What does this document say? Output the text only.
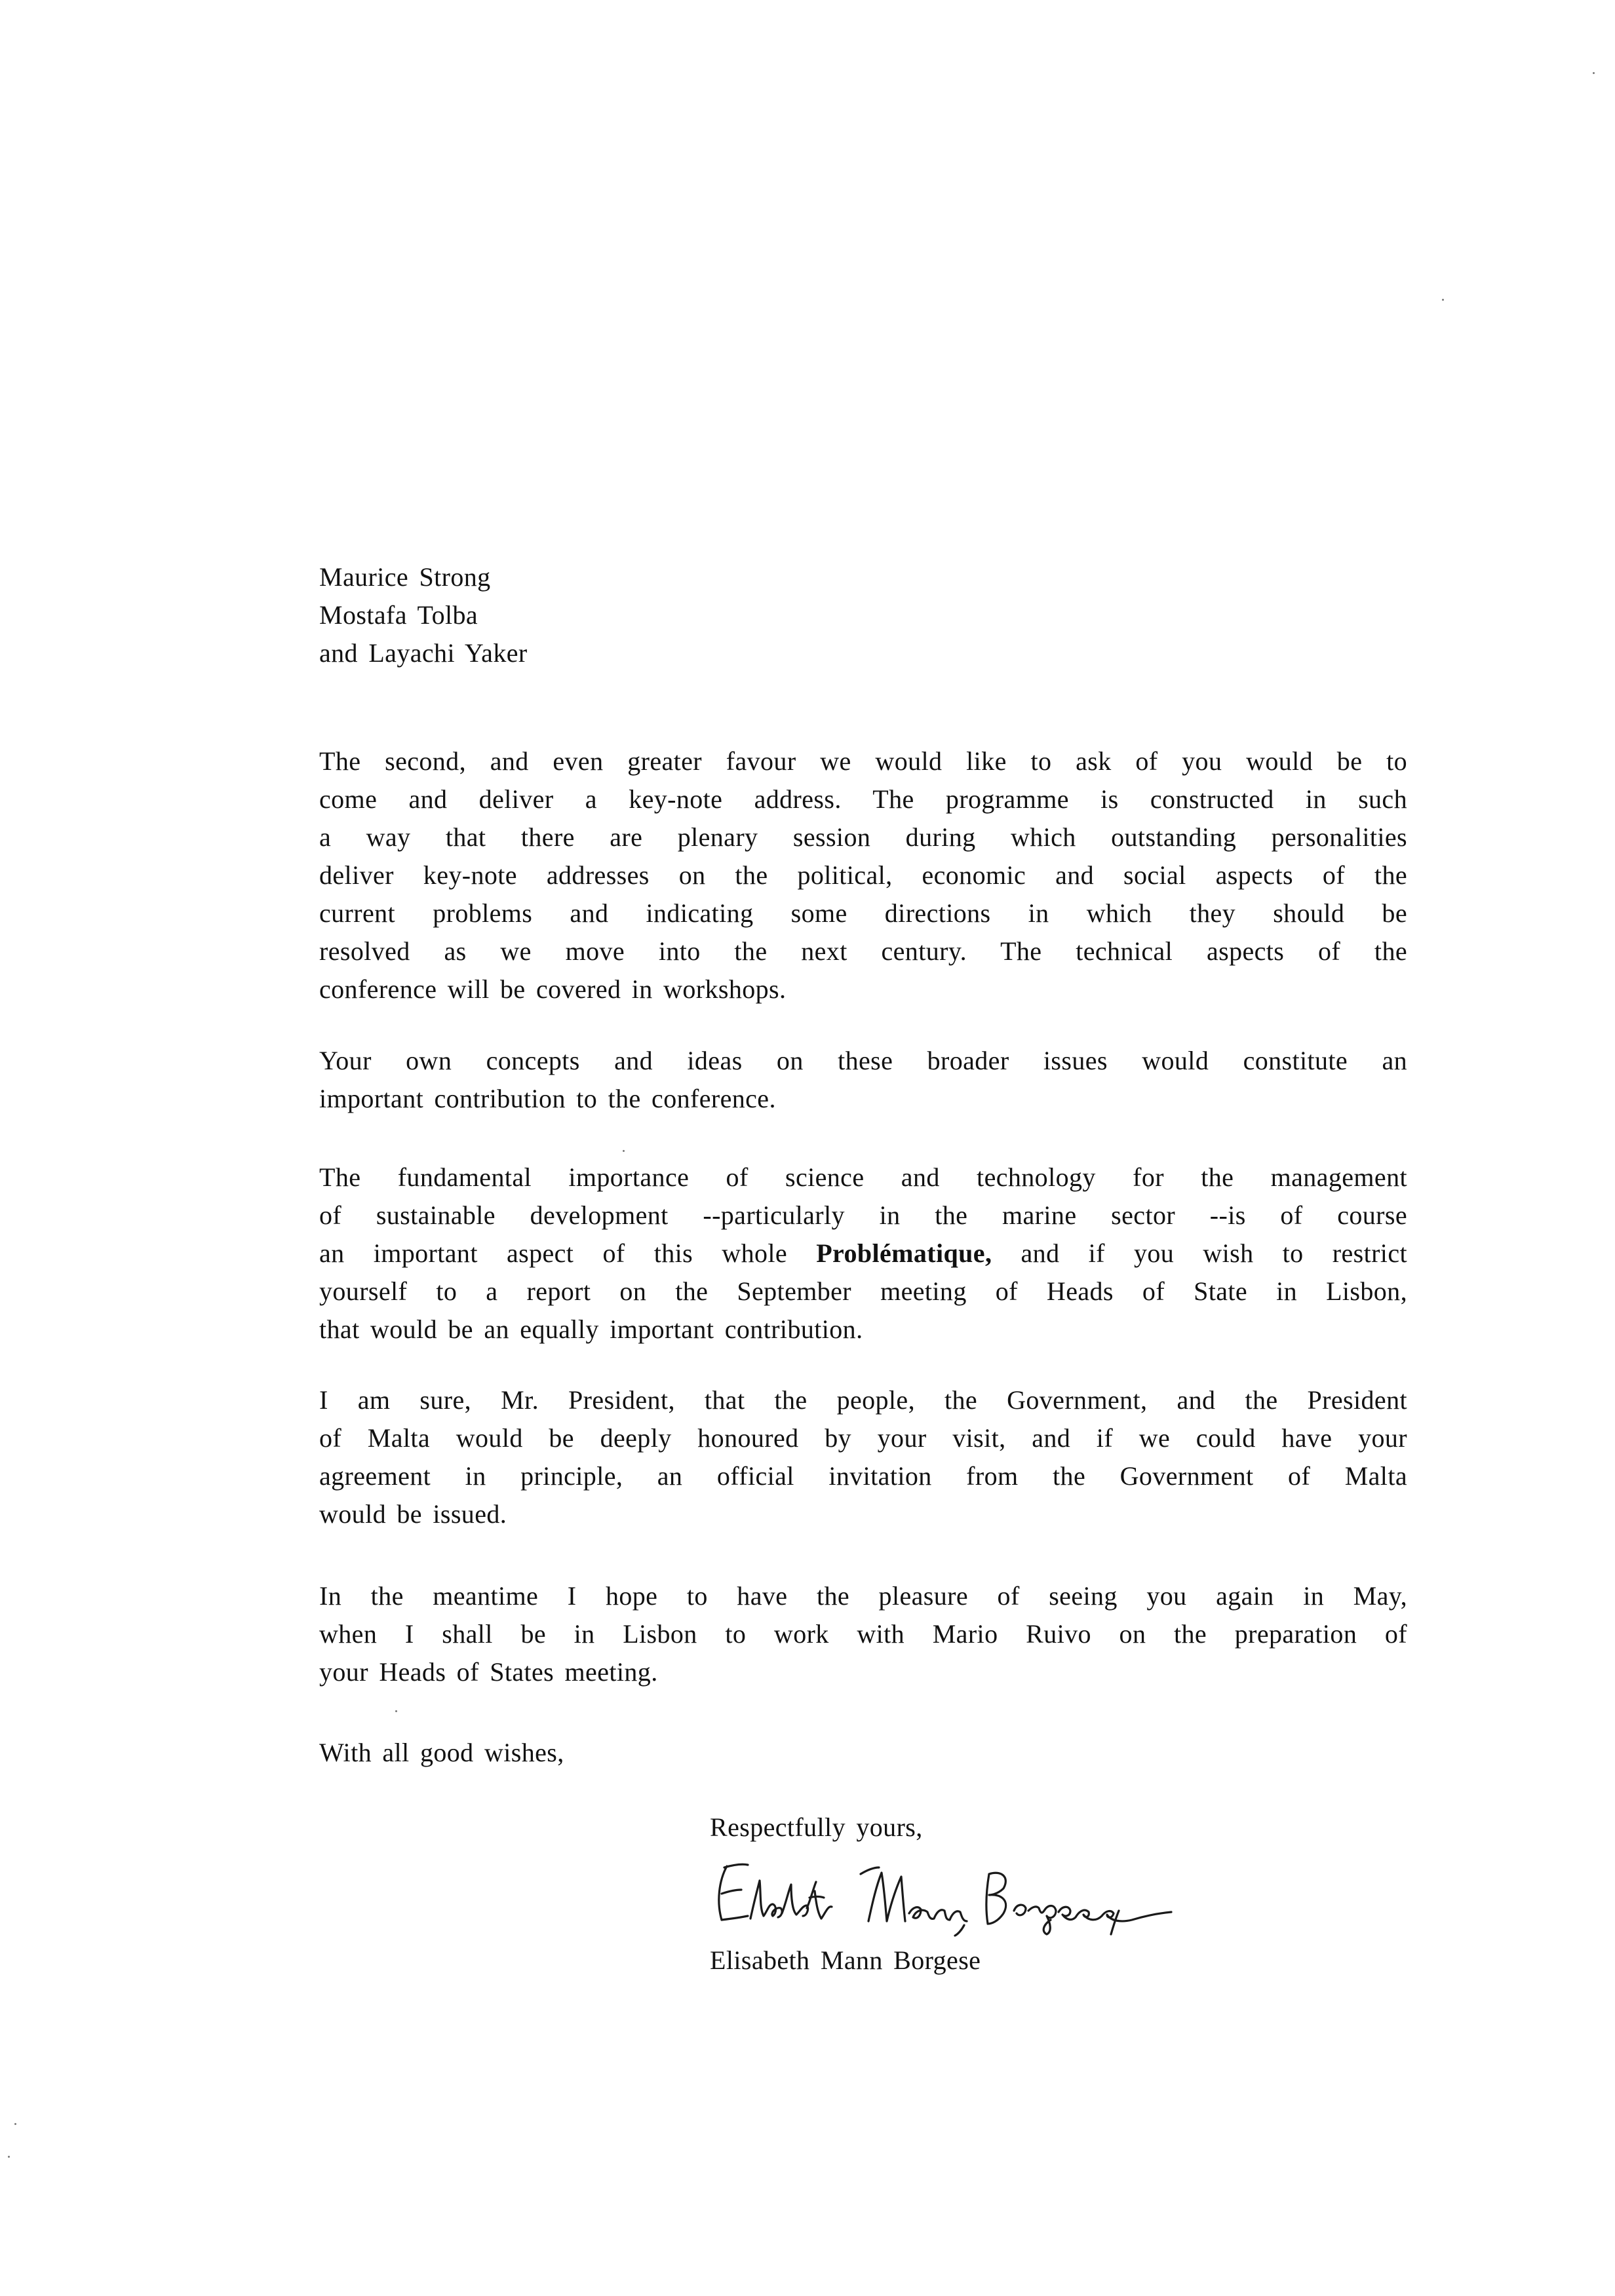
Maurice Strong
Mostafa Tolba
and Layachi Yaker
The second, and even greater favour we would like to ask of you would be to
come and deliver a key-note address. The programme is constructed in such
a way that there are plenary session during which outstanding personalities
deliver key-note addresses on the political, economic and social aspects of the
current problems and indicating some directions in which they should be
resolved as we move into the next century. The technical aspects of the
conference will be covered in workshops.
Your own concepts and ideas on these broader issues would constitute an
important contribution to the conference.
The fundamental importance of science and technology for the management
of sustainable development --particularly in the marine sector --is of course
an important aspect of this whole Problématique, and if you wish to restrict
yourself to a report on the September meeting of Heads of State in Lisbon,
that would be an equally important contribution.
I am sure, Mr. President, that the people, the Government, and the President
of Malta would be deeply honoured by your visit, and if we could have your
agreement in principle, an official invitation from the Government of Malta
would be issued.
In the meantime I hope to have the pleasure of seeing you again in May,
when I shall be in Lisbon to work with Mario Ruivo on the preparation of
your Heads of States meeting.
With all good wishes,
Respectfully yours,
Elisabeth Mann Borgese
